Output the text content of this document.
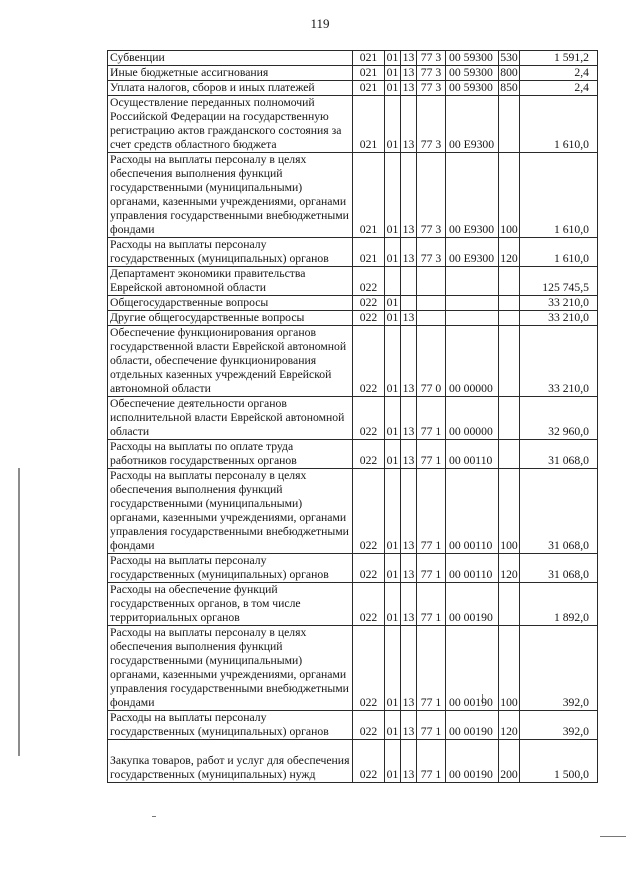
119
Субвенции	021	01	13	77 3	00 59300	530	1 591,2
Иные бюджетные ассигнования	021	01	13	77 3	00 59300	800	2,4
Уплата налогов, сборов и иных платежей	021	01	13	77 3	00 59300	850	2,4
Осуществление переданных полномочий Российской Федерации на государственную регистрацию актов гражданского состояния за счет средств областного бюджета	021	01	13	77 3	00 Е9300		1 610,0
Расходы на выплаты персоналу в целях обеспечения выполнения функций государственными (муниципальными) органами, казенными учреждениями, органами управления государственными внебюджетными фондами	021	01	13	77 3	00 Е9300	100	1 610,0
Расходы на выплаты персоналу государственных (муниципальных) органов	021	01	13	77 3	00 Е9300	120	1 610,0
Департамент экономики правительства Еврейской автономной области	022						125 745,5
Общегосударственные вопросы	022	01					33 210,0
Другие общегосударственные вопросы	022	01	13				33 210,0
Обеспечение функционирования органов государственной власти Еврейской автономной области, обеспечение функционирования отдельных казенных учреждений Еврейской автономной области	022	01	13	77 0	00 00000		33 210,0
Обеспечение деятельности органов исполнительной власти Еврейской автономной области	022	01	13	77 1	00 00000		32 960,0
Расходы на выплаты по оплате труда работников государственных органов	022	01	13	77 1	00 00110		31 068,0
Расходы на выплаты персоналу в целях обеспечения выполнения функций государственными (муниципальными) органами, казенными учреждениями, органами управления государственными внебюджетными фондами	022	01	13	77 1	00 00110	100	31 068,0
Расходы на выплаты персоналу государственных (муниципальных) органов	022	01	13	77 1	00 00110	120	31 068,0
Расходы на обеспечение функций государственных органов, в том числе территориальных органов	022	01	13	77 1	00 00190		1 892,0
Расходы на выплаты персоналу в целях обеспечения выполнения функций государственными (муниципальными) органами, казенными учреждениями, органами управления государственными внебюджетными фондами	022	01	13	77 1	00 00190	100	392,0
Расходы на выплаты персоналу государственных (муниципальных) органов	022	01	13	77 1	00 00190	120	392,0
Закупка товаров, работ и услуг для обеспечения государственных (муниципальных) нужд	022	01	13	77 1	00 00190	200	1 500,0
